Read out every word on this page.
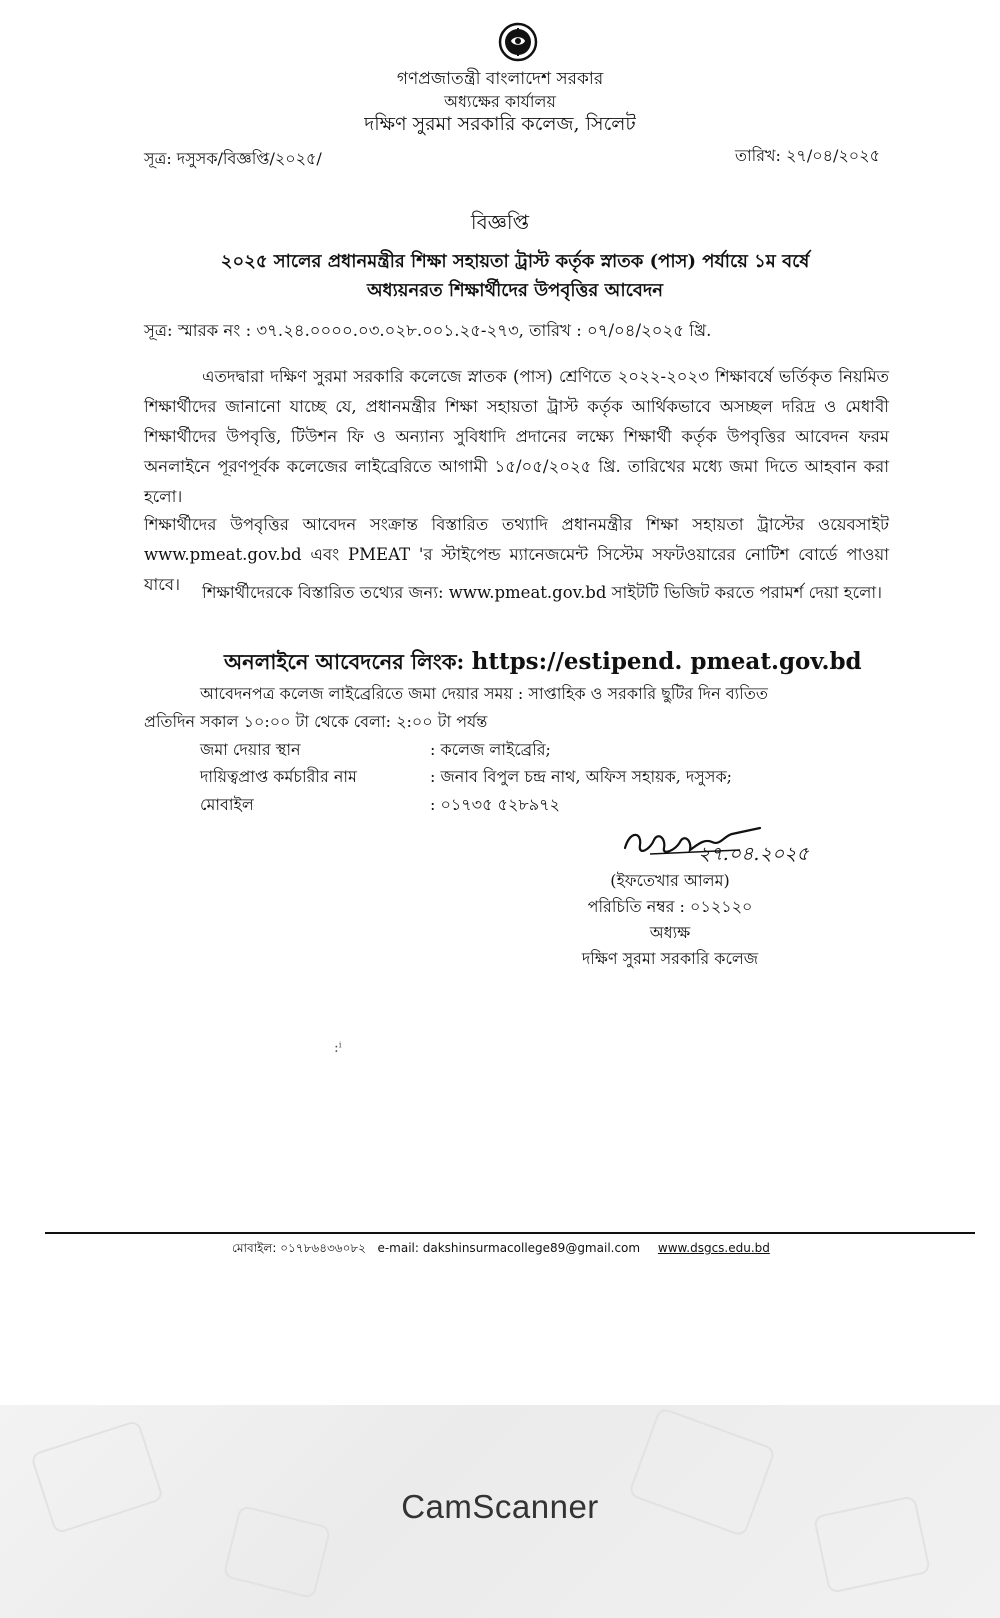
গণপ্রজাতন্ত্রী বাংলাদেশ সরকার
অধ্যক্ষের কার্যালয়
দক্ষিণ সুরমা সরকারি কলেজ, সিলেট
সূত্র: দসুসক/বিজ্ঞপ্তি/২০২৫/	তারিখ: ২৭/০৪/২০২৫
বিজ্ঞপ্তি
২০২৫ সালের প্রধানমন্ত্রীর শিক্ষা সহায়তা ট্রাস্ট কর্তৃক স্নাতক (পাস) পর্যায়ে ১ম বর্ষে
অধ্যয়নরত শিক্ষার্থীদের উপবৃত্তির আবেদন
সূত্র: স্মারক নং : ৩৭.২৪.০০০০.০৩.০২৮.০০১.২৫-২৭৩, তারিখ : ০৭/০৪/২০২৫ খ্রি.
এতদদ্বারা দক্ষিণ সুরমা সরকারি কলেজে স্নাতক (পাস) শ্রেণিতে ২০২২-২০২৩ শিক্ষাবর্ষে ভর্তিকৃত নিয়মিত শিক্ষার্থীদের জানানো যাচ্ছে যে, প্রধানমন্ত্রীর শিক্ষা সহায়তা ট্রাস্ট কর্তৃক আর্থিকভাবে অসচ্ছল দরিদ্র ও মেধাবী শিক্ষার্থীদের উপবৃত্তি, টিউশন ফি ও অন্যান্য সুবিধাদি প্রদানের লক্ষ্যে শিক্ষার্থী কর্তৃক উপবৃত্তির আবেদন ফরম অনলাইনে পূরণপূর্বক কলেজের লাইব্রেরিতে আগামী ১৫/০৫/২০২৫ খ্রি. তারিখের মধ্যে জমা দিতে আহবান করা হলো।
শিক্ষার্থীদের উপবৃত্তির আবেদন সংক্রান্ত বিস্তারিত তথ্যাদি প্রধানমন্ত্রীর শিক্ষা সহায়তা ট্রাস্টের ওয়েবসাইট www.pmeat.gov.bd এবং PMEAT 'র স্টাইপেন্ড ম্যানেজমেন্ট সিস্টেম সফটওয়ারের নোটিশ বোর্ডে পাওয়া যাবে।	শিক্ষার্থীদেরকে বিস্তারিত তথ্যের জন্য: www.pmeat.gov.bd সাইটটি ভিজিট করতে পরামর্শ দেয়া হলো।
অনলাইনে আবেদনের লিংক: https://estipend. pmeat.gov.bd
আবেদনপত্র কলেজ লাইব্রেরিতে জমা দেয়ার সময় : সাপ্তাহিক ও সরকারি ছুটির দিন ব্যতিত
প্রতিদিন সকাল ১০:০০ টা থেকে বেলা: ২:০০ টা পর্যন্ত
জমা দেয়ার স্থান	: কলেজ লাইব্রেরি;
দায়িত্বপ্রাপ্ত কর্মচারীর নাম	: জনাব বিপুল চন্দ্র নাথ, অফিস সহায়ক, দসুসক;
মোবাইল	: ০১৭৩৫ ৫২৮৯৭২
২৭.০৪.২০২৫
(ইফতেখার আলম)
পরিচিতি নম্বর : ০১২১২০
অধ্যক্ষ
দক্ষিণ সুরমা সরকারি কলেজ
:ⁱ
মোবাইল: ০১৭৮৬৪৩৬০৮২ e-mail: dakshinsurmacollege89@gmail.com www.dsgcs.edu.bd
CamScanner
